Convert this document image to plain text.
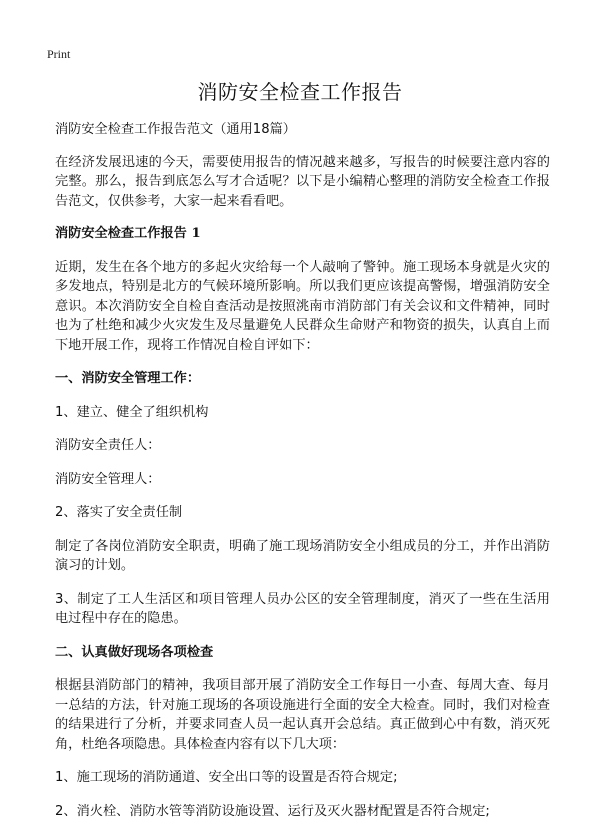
Print
消防安全检查工作报告

消防安全检查工作报告范文（通用18篇）

在经济发展迅速的今天，需要使用报告的情况越来越多，写报告的时候要注意内容的完整。那么，报告到底怎么写才合适呢？以下是小编精心整理的消防安全检查工作报告范文，仅供参考，大家一起来看看吧。

消防安全检查工作报告 1

近期，发生在各个地方的多起火灾给每一个人敲响了警钟。施工现场本身就是火灾的多发地点，特别是北方的气候环境所影响。所以我们更应该提高警惕，增强消防安全意识。本次消防安全自检自查活动是按照洮南市消防部门有关会议和文件精神，同时也为了杜绝和减少火灾发生及尽量避免人民群众生命财产和物资的损失，认真自上而下地开展工作，现将工作情况自检自评如下：

一、消防安全管理工作：

1、建立、健全了组织机构

消防安全责任人：

消防安全管理人：

2、落实了安全责任制

制定了各岗位消防安全职责，明确了施工现场消防安全小组成员的分工，并作出消防演习的计划。

3、制定了工人生活区和项目管理人员办公区的安全管理制度，消灭了一些在生活用电过程中存在的隐患。

二、认真做好现场各项检查

根据县消防部门的精神，我项目部开展了消防安全工作每日一小查、每周大查、每月一总结的方法，针对施工现场的各项设施进行全面的安全大检查。同时，我们对检查的结果进行了分析，并要求同查人员一起认真开会总结。真正做到心中有数，消灭死角，杜绝各项隐患。具体检查内容有以下几大项：

1、施工现场的消防通道、安全出口等的设置是否符合规定;

2、消火栓、消防水管等消防设施设置、运行及灭火器材配置是否符合规定;
